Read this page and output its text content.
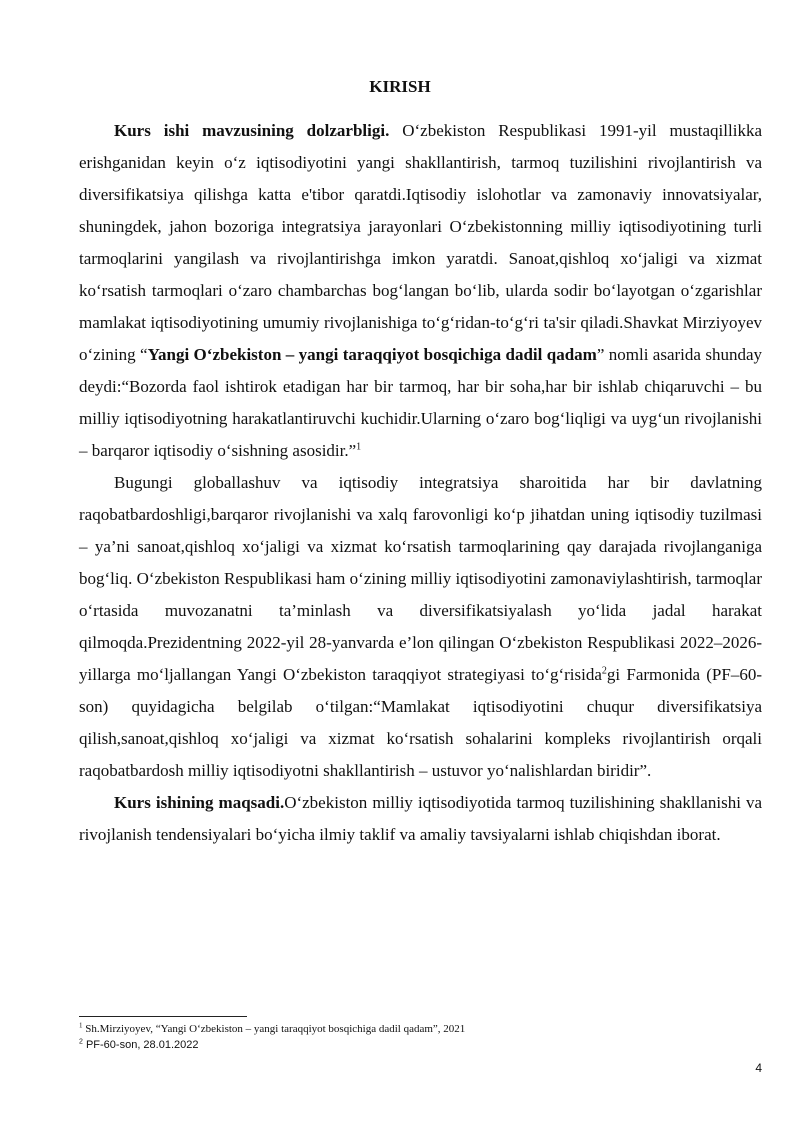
KIRISH

Kurs ishi mavzusining dolzarbligi. O‘zbekiston Respublikasi 1991-yil mustaqillikka erishganidan keyin o‘z iqtisodiyotini yangi shakllantirish, tarmoq tuzilishini rivojlantirish va diversifikatsiya qilishga katta e'tibor qaratdi.Iqtisodiy islohotlar va zamonaviy innovatsiyalar, shuningdek, jahon bozoriga integratsiya jarayonlari O‘zbekistonning milliy iqtisodiyotining turli tarmoqlarini yangilash va rivojlantirishga imkon yaratdi. Sanoat,qishloq xo‘jaligi va xizmat ko‘rsatish tarmoqlari o‘zaro chambarchas bog‘langan bo‘lib, ularda sodir bo‘layotgan o‘zgarishlar mamlakat iqtisodiyotining umumiy rivojlanishiga to‘g‘ridan-to‘g‘ri ta'sir qiladi.Shavkat Mirziyoyev o‘zining “Yangi O‘zbekiston – yangi taraqqiyot bosqichiga dadil qadam” nomli asarida shunday deydi:“Bozorda faol ishtirok etadigan har bir tarmoq, har bir soha,har bir ishlab chiqaruvchi – bu milliy iqtisodiyotning harakatlantiruvchi kuchidir.Ularning o‘zaro bog‘liqligi va uyg‘un rivojlanishi – barqaror iqtisodiy o‘sishning asosidir.”$^1$

Bugungi globallashuv va iqtisodiy integratsiya sharoitida har bir davlatning raqobatbardoshligi,barqaror rivojlanishi va xalq farovonligi ko‘p jihatdan uning iqtisodiy tuzilmasi – ya’ni sanoat,qishloq xo‘jaligi va xizmat ko‘rsatish tarmoqlarining qay darajada rivojlanganiga bog‘liq. O‘zbekiston Respublikasi ham o‘zining milliy iqtisodiyotini zamonaviylashtirish, tarmoqlar o‘rtasida muvozanatni ta’minlash va diversifikatsiyalash yo‘lida jadal harakat qilmoqda.Prezidentning 2022-yil 28-yanvarda e’lon qilingan O‘zbekiston Respublikasi 2022–2026-yillarga mo‘ljallangan Yangi O‘zbekiston taraqqiyot strategiyasi to‘g‘risida$^2$gi Farmonida (PF–60-son) quyidagicha belgilab o‘tilgan:“Mamlakat iqtisodiyotini chuqur diversifikatsiya qilish,sanoat,qishloq xo‘jaligi va xizmat ko‘rsatish sohalarini kompleks rivojlantirish orqali raqobatbardosh milliy iqtisodiyotni shakllantirish – ustuvor yo‘nalishlardan biridir”.

Kurs ishining maqsadi.O‘zbekiston milliy iqtisodiyotida tarmoq tuzilishining shakllanishi va rivojlanish tendensiyalari bo‘yicha ilmiy taklif va amaliy tavsiyalarni ishlab chiqishdan iborat.

$^1$ Sh.Mirziyoyev, “Yangi O‘zbekiston – yangi taraqqiyot bosqichiga dadil qadam”, 2021
$^2$ PF-60-son, 28.01.2022
4
